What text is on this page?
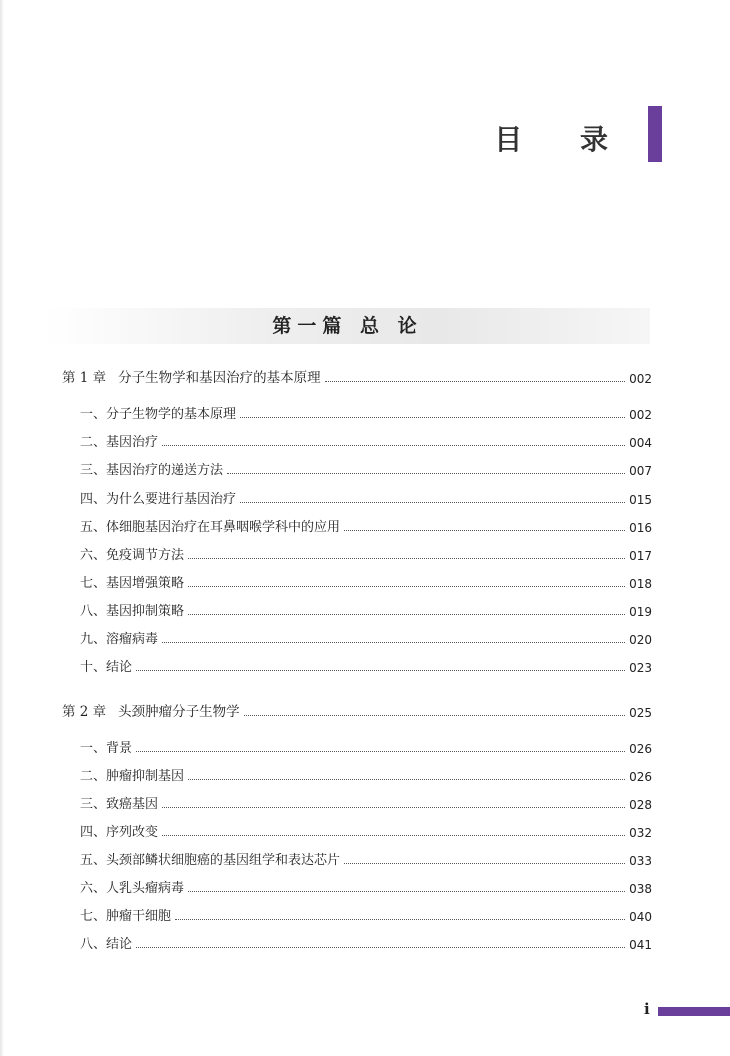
目 录
第一篇 总 论
第 1 章 分子生物学和基因治疗的基本原理	002
一、分子生物学的基本原理	002
二、基因治疗	004
三、基因治疗的递送方法	007
四、为什么要进行基因治疗	015
五、体细胞基因治疗在耳鼻咽喉学科中的应用	016
六、免疫调节方法	017
七、基因增强策略	018
八、基因抑制策略	019
九、溶瘤病毒	020
十、结论	023
第 2 章 头颈肿瘤分子生物学	025
一、背景	026
二、肿瘤抑制基因	026
三、致癌基因	028
四、序列改变	032
五、头颈部鳞状细胞癌的基因组学和表达芯片	033
六、人乳头瘤病毒	038
七、肿瘤干细胞	040
八、结论	041
i
